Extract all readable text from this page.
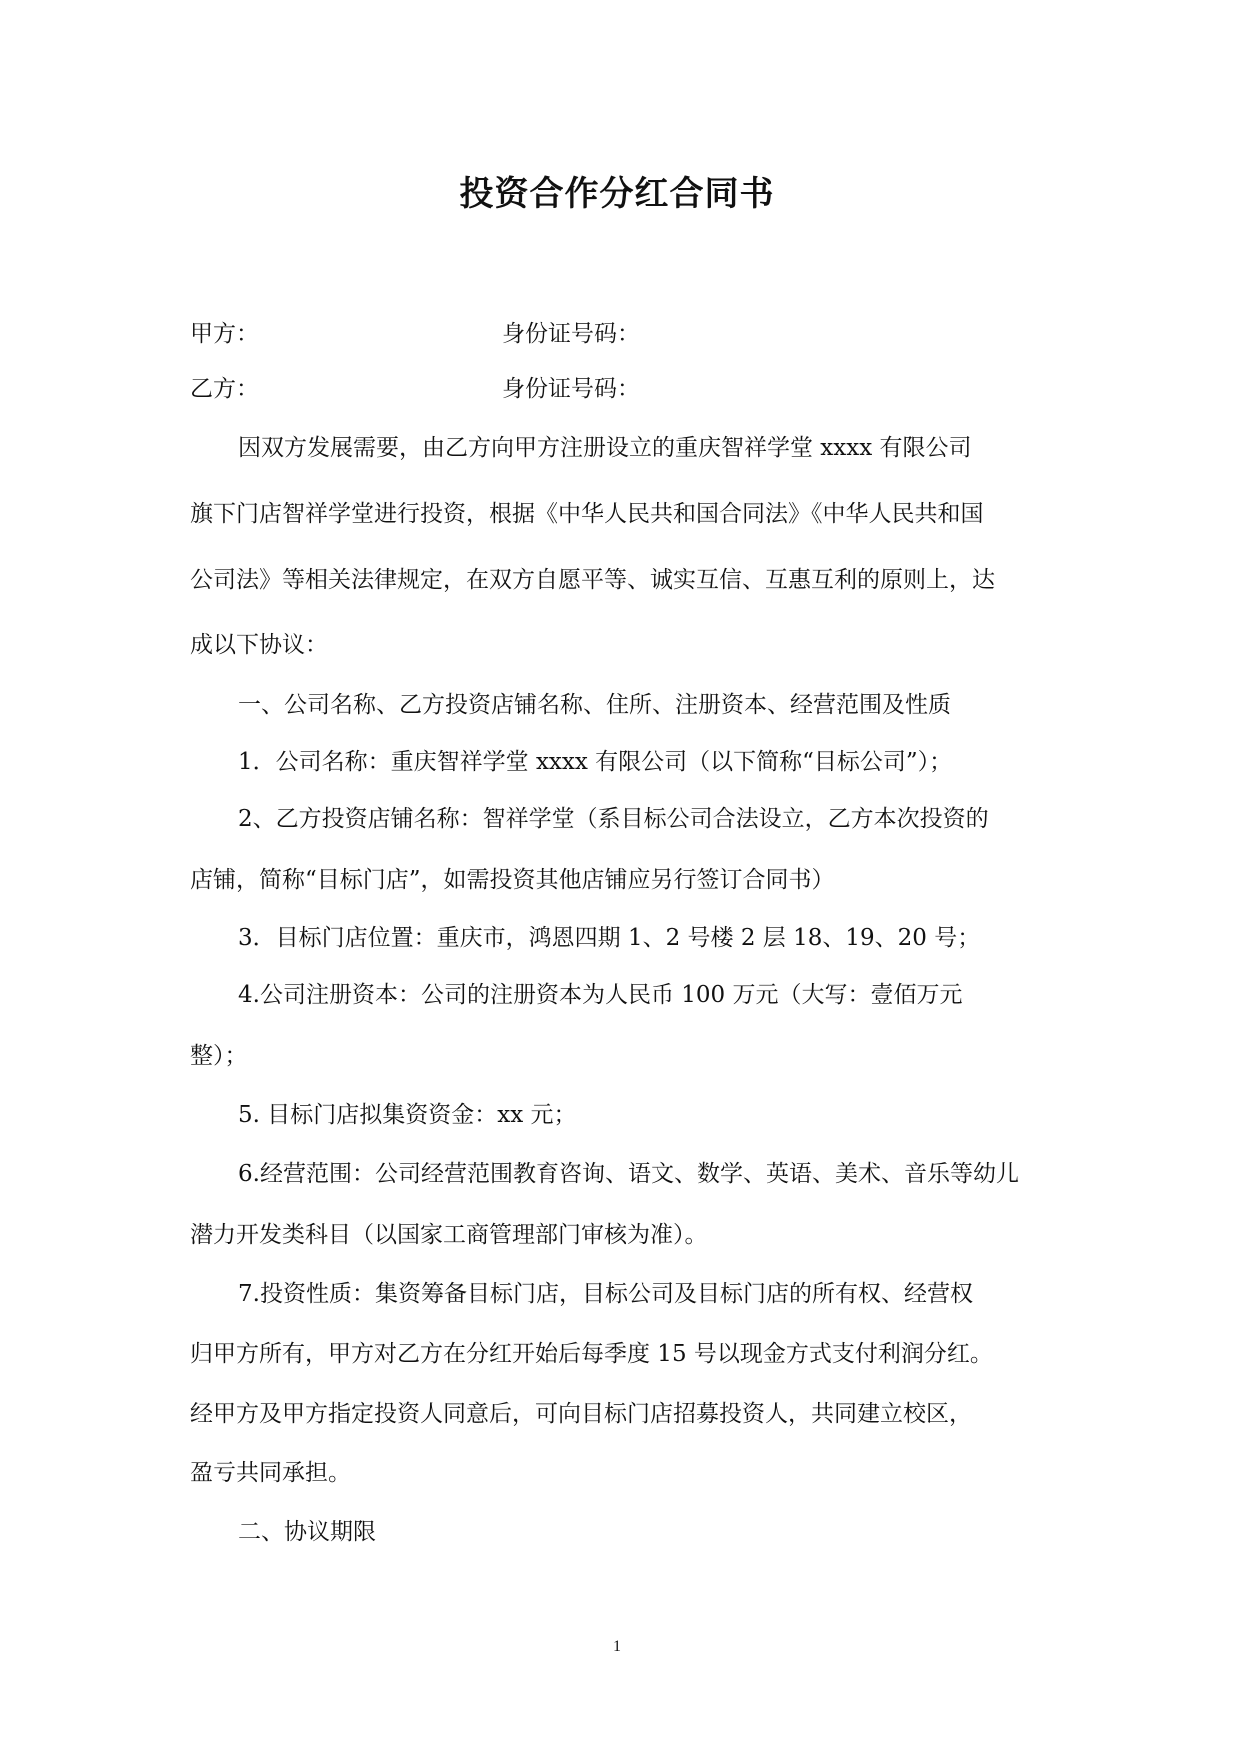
投资合作分红合同书
甲方：	身份证号码：
乙方：	身份证号码：
因双方发展需要，由乙方向甲方注册设立的重庆智祥学堂 xxxx 有限公司
旗下门店智祥学堂进行投资，根据《中华人民共和国合同法》《中华人民共和国
公司法》等相关法律规定，在双方自愿平等、诚实互信、互惠互利的原则上，达
成以下协议：
一、公司名称、乙方投资店铺名称、住所、注册资本、经营范围及性质
1．公司名称：重庆智祥学堂 xxxx 有限公司（以下简称“目标公司”）；
2、乙方投资店铺名称：智祥学堂（系目标公司合法设立，乙方本次投资的
店铺，简称“目标门店”，如需投资其他店铺应另行签订合同书）
3．目标门店位置：重庆市，鸿恩四期 1、2 号楼 2 层 18、19、20 号；
4.公司注册资本：公司的注册资本为人民币 100 万元（大写：壹佰万元
整）；
5. 目标门店拟集资资金：xx 元；
6.经营范围：公司经营范围教育咨询、语文、数学、英语、美术、音乐等幼儿
潜力开发类科目（以国家工商管理部门审核为准）。
7.投资性质：集资筹备目标门店，目标公司及目标门店的所有权、经营权
归甲方所有，甲方对乙方在分红开始后每季度 15 号以现金方式支付利润分红。
经甲方及甲方指定投资人同意后，可向目标门店招募投资人，共同建立校区，
盈亏共同承担。
二、协议期限
1
